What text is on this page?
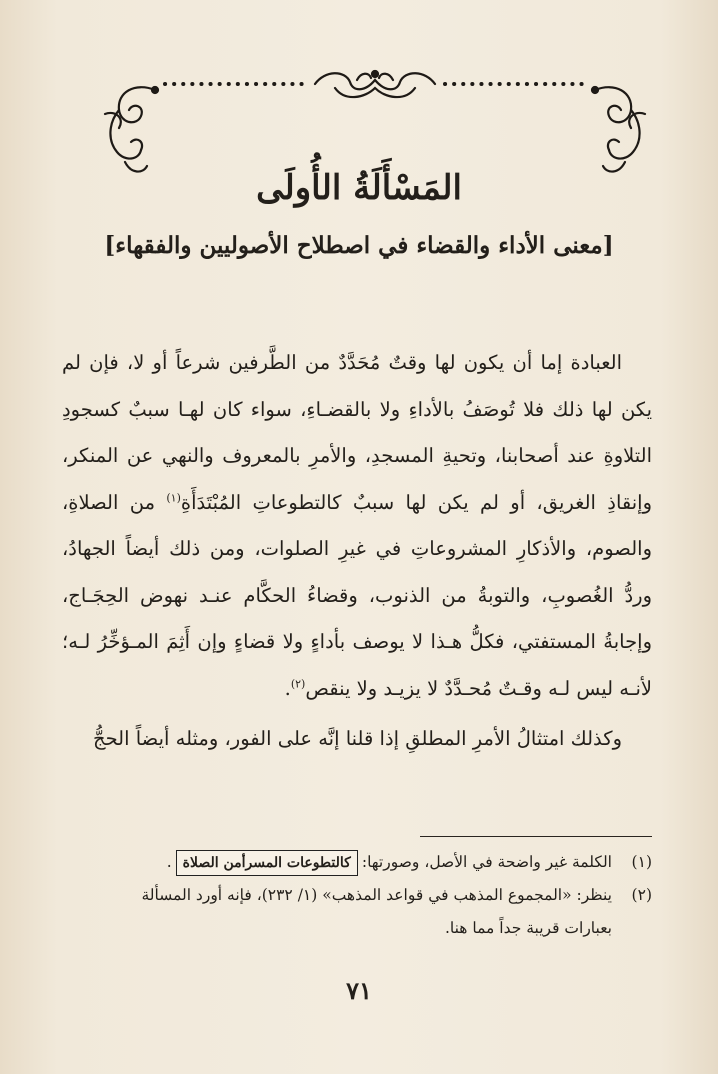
المَسْأَلَةُ الأُولَى
[معنى الأداء والقضاء في اصطلاح الأصوليين والفقهاء]

العبادة إما أن يكون لها وقتٌ مُحَدَّدٌ من الطَّرفين شرعاً أو لا، فإن لم يكن لها ذلك فلا تُوصَفُ بالأداءِ ولا بالقضـاءِ، سواء كان لهـا سببٌ كسجودِ التلاوةِ عند أصحابنا، وتحيةِ المسجدِ، والأمرِ بالمعروف والنهي عن المنكر، وإنقاذِ الغريق، أو لم يكن لها سببٌ كالتطوعاتِ المُبْتَدَأَةِ$^{(١)}$ من الصلاةِ، والصوم، والأذكارِ المشروعاتِ في غيرِ الصلوات، ومن ذلك أيضاً الجهادُ، وردُّ الغُصوبِ، والتوبةُ من الذنوب، وقضاءُ الحكَّام عنـد نهوض الحِجَـاج، وإجابةُ المستفتي، فكلُّ هـذا لا يوصف بأداءٍ ولا قضاءٍ وإن أَثِمَ المـؤخِّرُ لـه؛ لأنـه ليس لـه وقـتٌ مُحـدَّدٌ لا يزيـد ولا ينقص$^{(٢)}$.

وكذلك امتثالُ الأمرِ المطلقِ إذا قلنا إنَّه على الفور، ومثله أيضاً الحجُّ

(١)الكلمة غير واضحة في الأصل، وصورتها:كالتطوعات المسرأمن الصلاة.

(٢)ينظر: «المجموع المذهب في قواعد المذهب» (١/ ٢٣٢)، فإنه أورد المسألة

بعبارات قريبة جداً مما هنا.

٧١
